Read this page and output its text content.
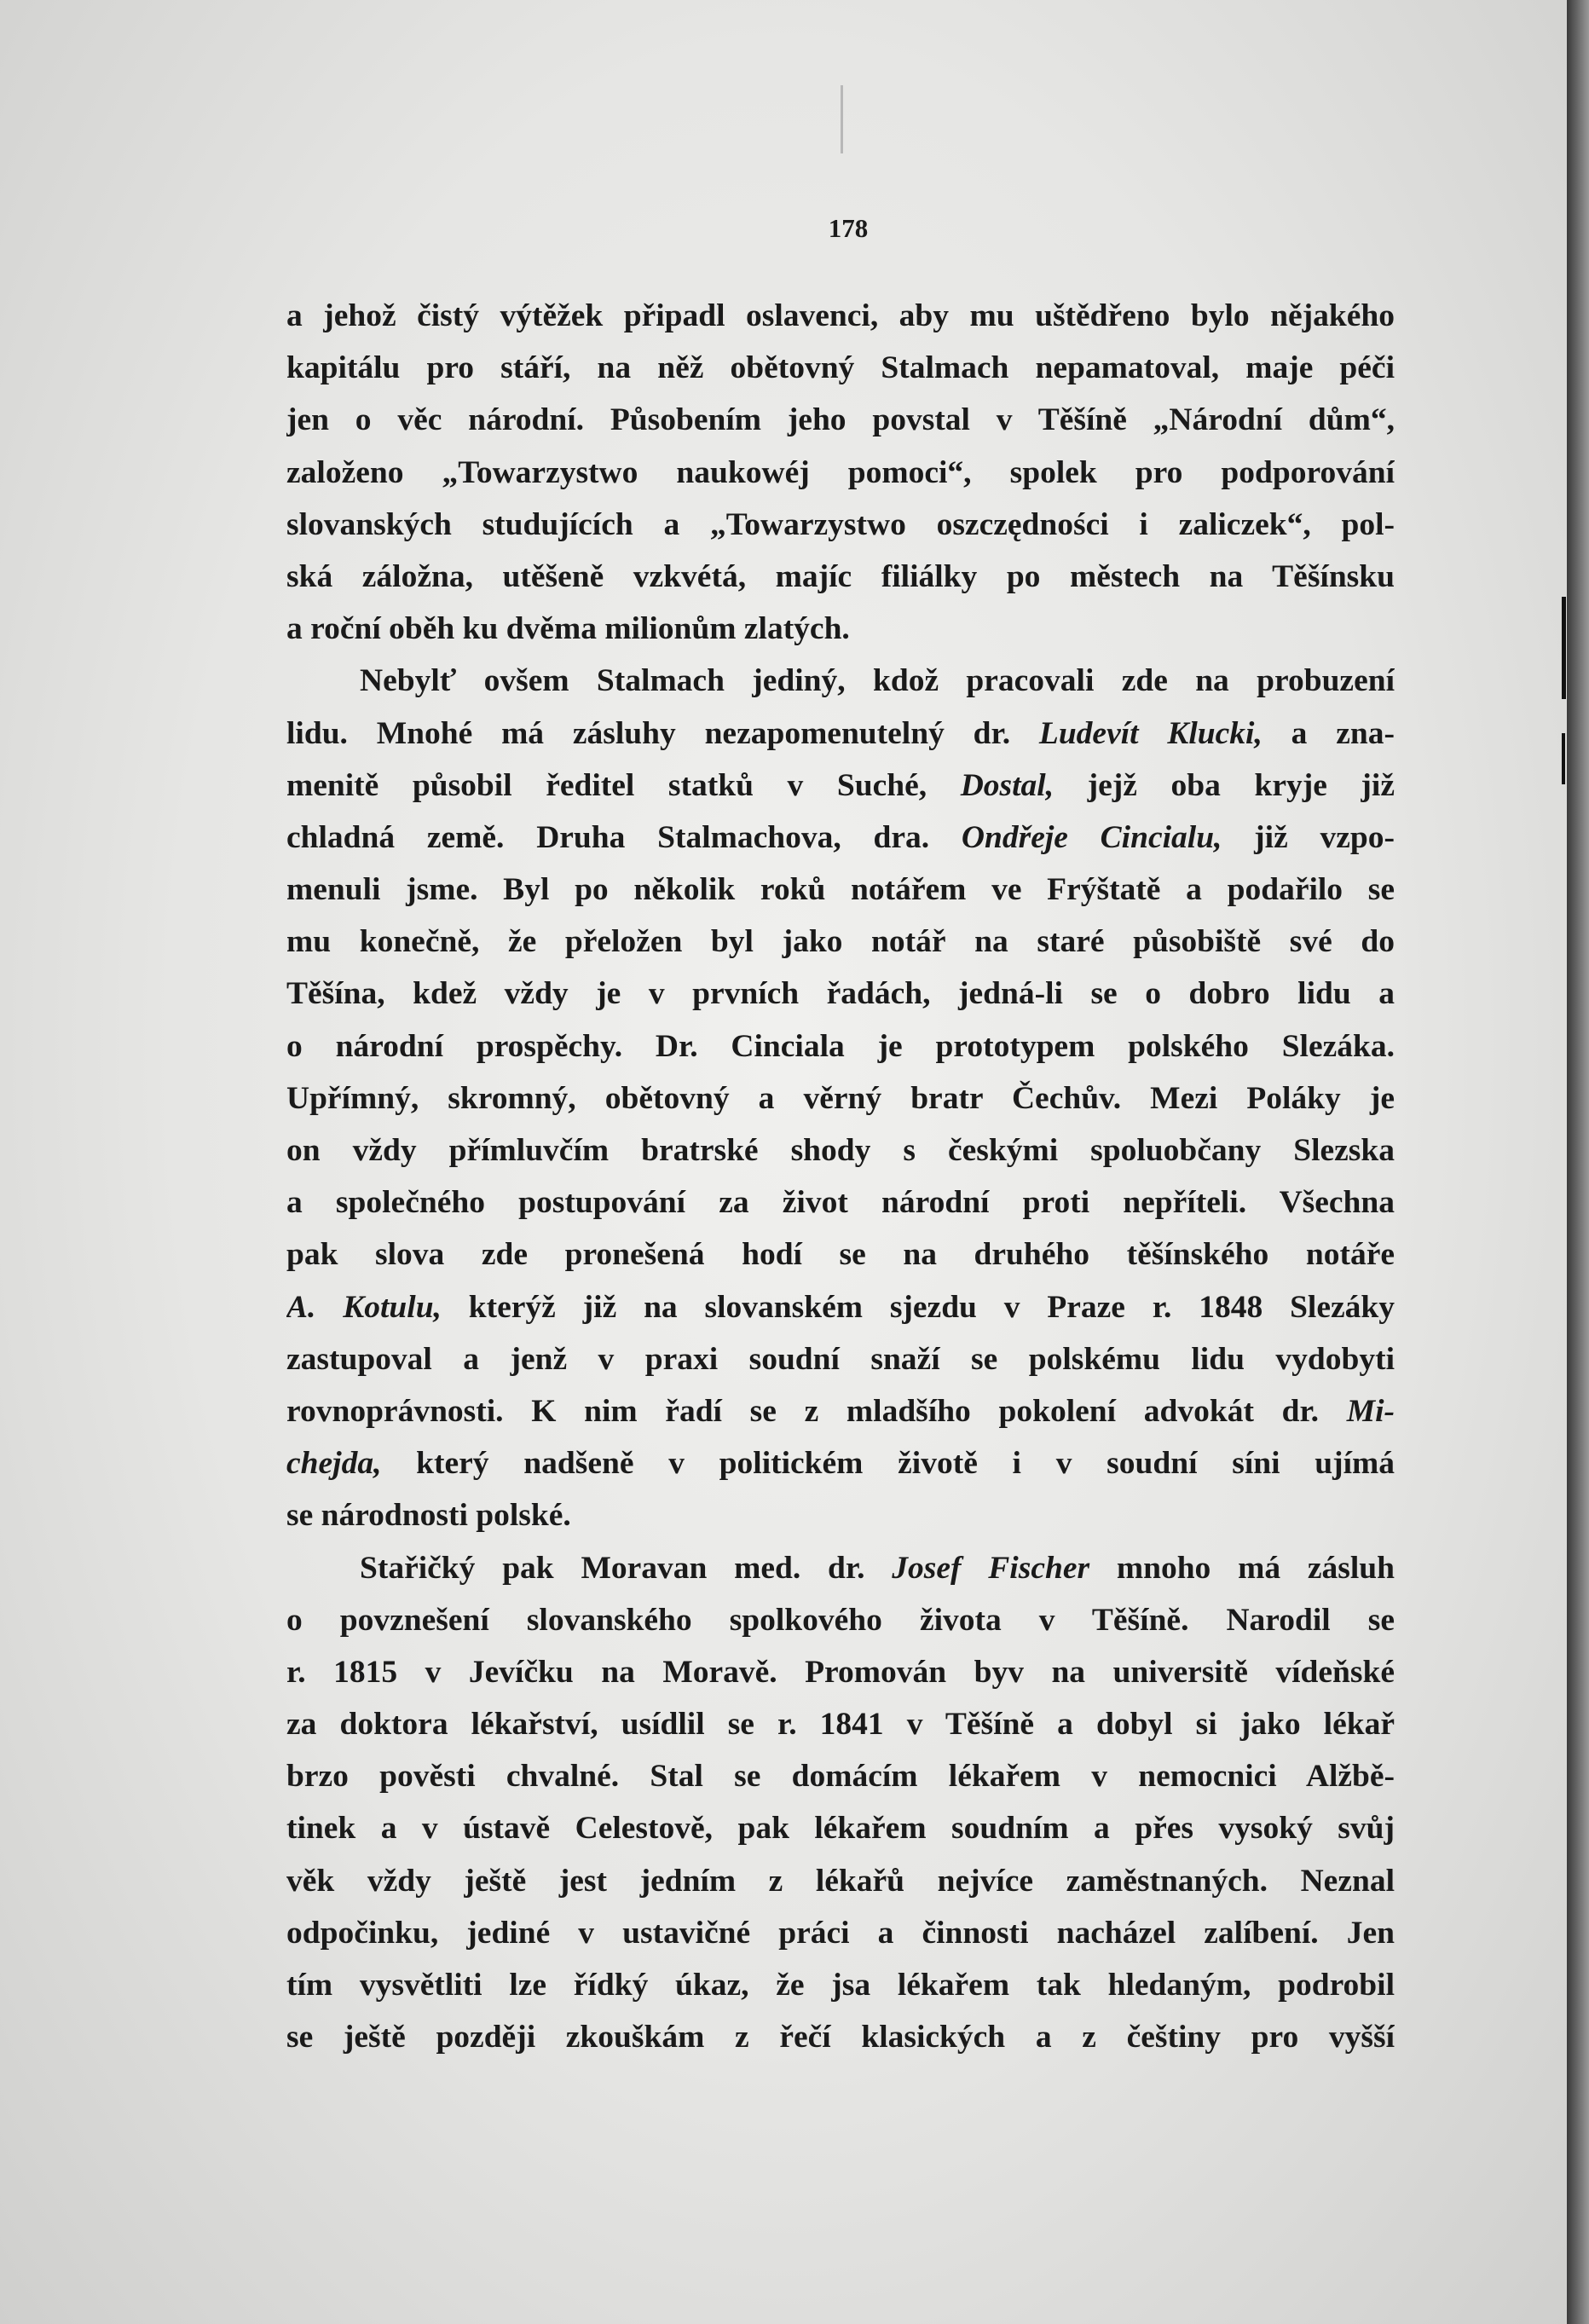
178
a jehož čistý výtěžek připadl oslavenci, aby mu uštědřeno bylo nějakého
kapitálu pro stáří, na něž obětovný Stalmach nepamatoval, maje péči
jen o věc národní. Působením jeho povstal v Těšíně „Národní dům“,
založeno „Towarzystwo naukowéj pomoci“, spolek pro podporování
slovanských studujících a „Towarzystwo oszczędności i zaliczek“, pol-
ská záložna, utěšeně vzkvétá, majíc filiálky po městech na Těšínsku
a roční oběh ku dvěma milionům zlatých.
Nebylť ovšem Stalmach jediný, kdož pracovali zde na probuzení
lidu. Mnohé má zásluhy nezapomenutelný dr. Ludevít Klucki, a zna-
menitě působil ředitel statků v Suché, Dostal, jejž oba kryje již
chladná země. Druha Stalmachova, dra. Ondřeje Cincialu, již vzpo-
menuli jsme. Byl po několik roků notářem ve Frýštatě a podařilo se
mu konečně, že přeložen byl jako notář na staré působiště své do
Těšína, kdež vždy je v prvních řadách, jedná-li se o dobro lidu a
o národní prospěchy. Dr. Cinciala je prototypem polského Slezáka.
Upřímný, skromný, obětovný a věrný bratr Čechův. Mezi Poláky je
on vždy přímluvčím bratrské shody s českými spoluobčany Slezska
a společného postupování za život národní proti nepříteli. Všechna
pak slova zde pronešená hodí se na druhého těšínského notáře
A. Kotulu, kterýž již na slovanském sjezdu v Praze r. 1848 Slezáky
zastupoval a jenž v praxi soudní snaží se polskému lidu vydobyti
rovnoprávnosti. K nim řadí se z mladšího pokolení advokát dr. Mi-
chejda, který nadšeně v politickém životě i v soudní síni ujímá
se národnosti polské.
Stařičký pak Moravan med. dr. Josef Fischer mnoho má zásluh
o povznešení slovanského spolkového života v Těšíně. Narodil se
r. 1815 v Jevíčku na Moravě. Promován byv na universitě vídeňské
za doktora lékařství, usídlil se r. 1841 v Těšíně a dobyl si jako lékař
brzo pověsti chvalné. Stal se domácím lékařem v nemocnici Alžbě-
tinek a v ústavě Celestově, pak lékařem soudním a přes vysoký svůj
věk vždy ještě jest jedním z lékařů nejvíce zaměstnaných. Neznal
odpočinku, jediné v ustavičné práci a činnosti nacházel zalíbení. Jen
tím vysvětliti lze řídký úkaz, že jsa lékařem tak hledaným, podrobil
se ještě později zkouškám z řečí klasických a z češtiny pro vyšší
